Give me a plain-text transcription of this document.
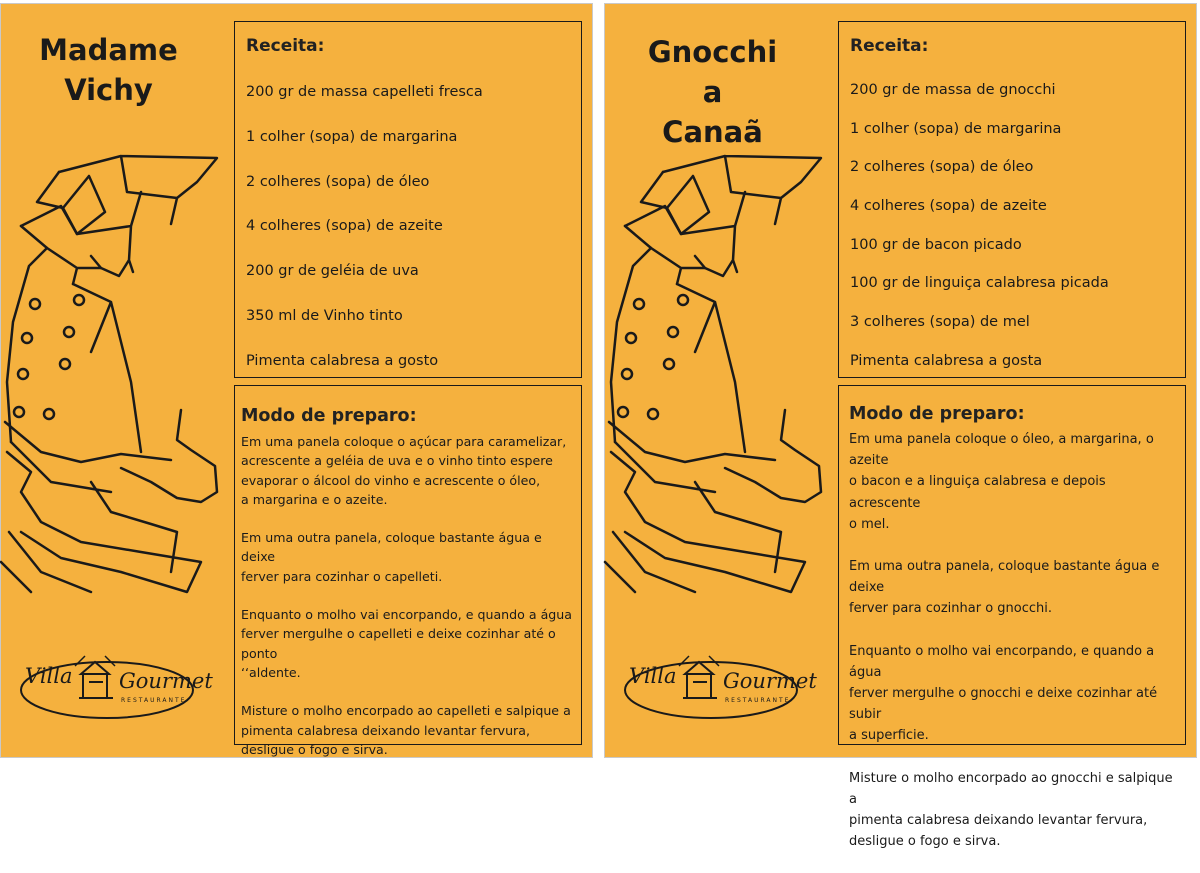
Madame
Vichy
Receita:
200 gr de massa capelleti fresca
1 colher (sopa) de margarina
2 colheres (sopa) de óleo
4 colheres (sopa) de azeite
200 gr de geléia de uva
350 ml de Vinho tinto
Pimenta calabresa a gosto
Modo de preparo:

Em uma panela coloque o açúcar para caramelizar,
acrescente a geléia de uva e o vinho tinto espere
evaporar o álcool do vinho e acrescente o óleo,
a margarina e o azeite.

Em uma outra panela, coloque bastante água e deixe
ferver para cozinhar o capelleti.

Enquanto o molho vai encorpando, e quando a água
ferver mergulhe o capelleti e deixe cozinhar até o ponto
‘‘aldente.

Misture o molho encorpado ao capelleti e salpique a
pimenta calabresa deixando levantar fervura,
desligue o fogo e sirva.

Villa Gourmet
RESTAURANTE
Gnocchi
a
Canaã
Receita:
200 gr de massa de gnocchi
1 colher (sopa) de margarina
2 colheres (sopa) de óleo
4 colheres (sopa) de azeite
100 gr de bacon picado
100 gr de linguiça calabresa picada
3 colheres (sopa) de mel
Pimenta calabresa a gosta
Modo de preparo:

Em uma panela coloque o óleo, a margarina, o azeite
o bacon e a linguiça calabresa e depois acrescente
o mel.

Em uma outra panela, coloque bastante água e deixe
ferver para cozinhar o gnocchi.

Enquanto o molho vai encorpando, e quando a água
ferver mergulhe o gnocchi e deixe cozinhar até subir
a superficie.

Misture o molho encorpado ao gnocchi e salpique a
pimenta calabresa deixando levantar fervura,
desligue o fogo e sirva.

Villa Gourmet
RESTAURANTE
